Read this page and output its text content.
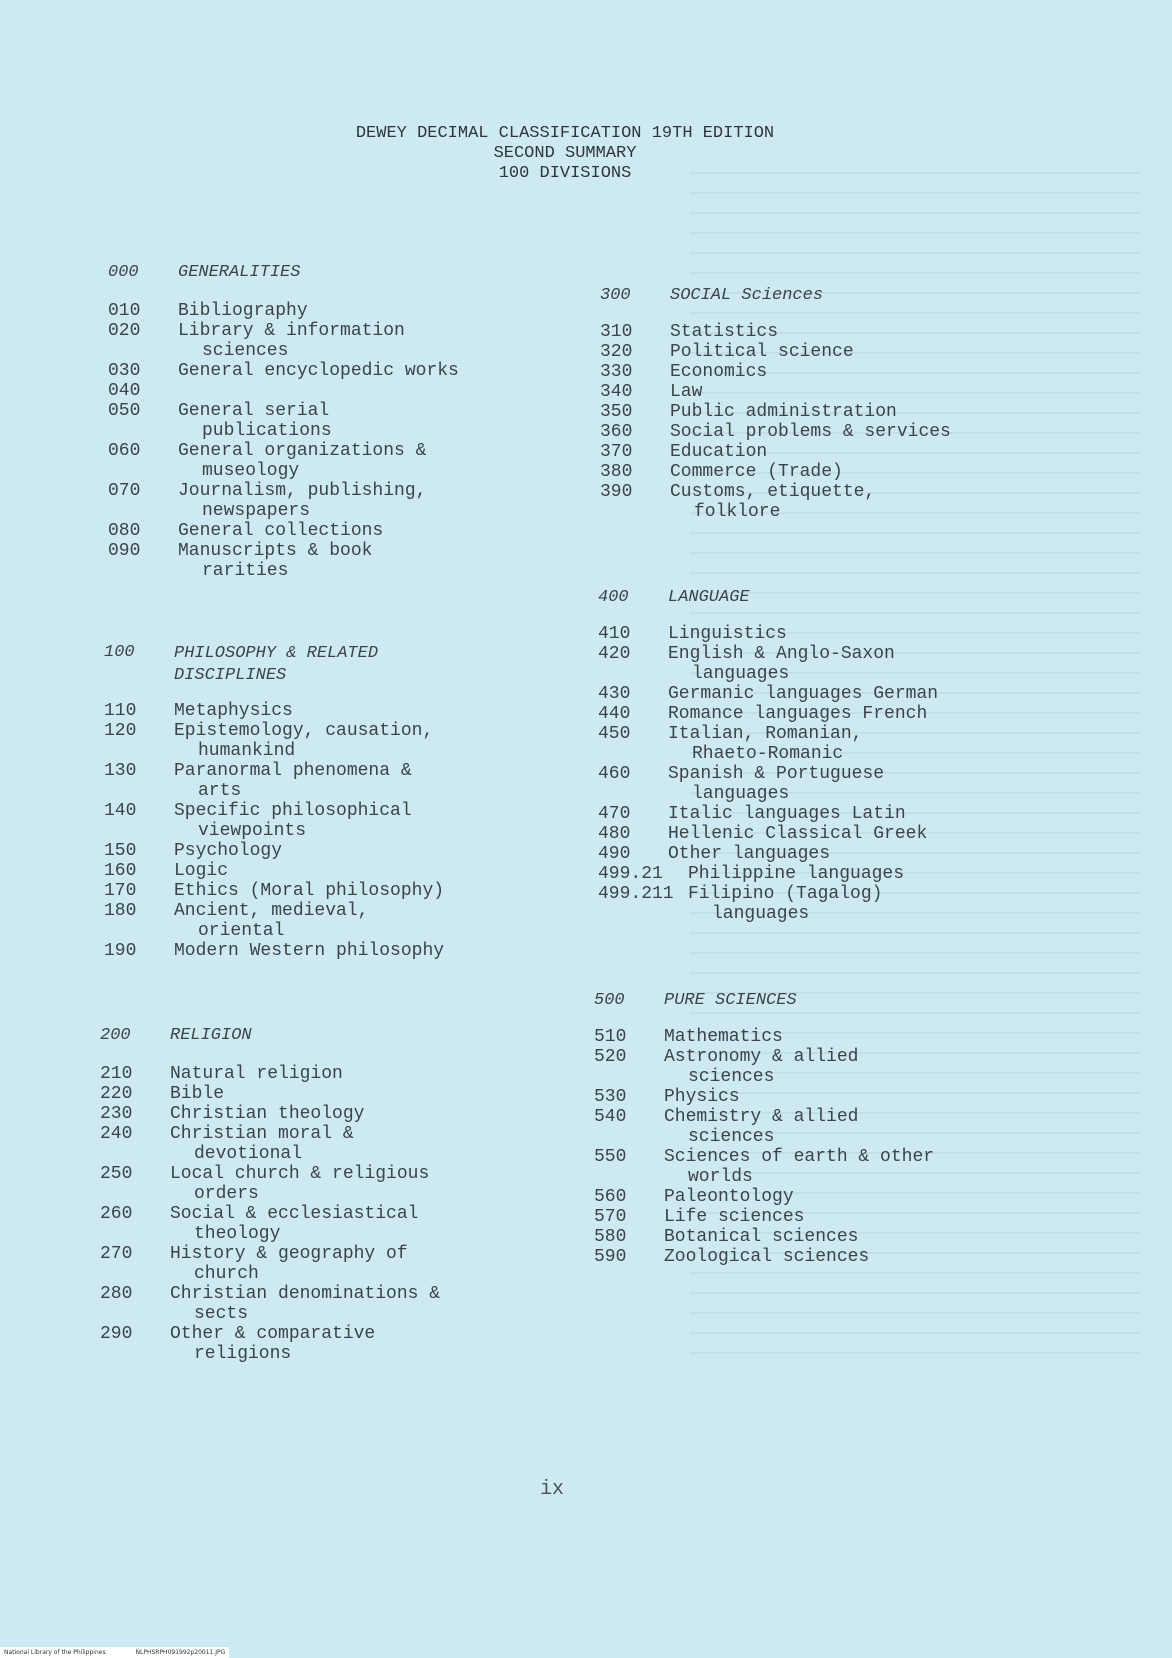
DEWEY DECIMAL CLASSIFICATION 19TH EDITION
SECOND SUMMARY
100 DIVISIONS
000 GENERALITIES
010 Bibliography
020 Library & information
sciences
030 General encyclopedic works
040

050 General serial
publications
060 General organizations &
museology
070 Journalism, publishing,
newspapers
080 General collections
090 Manuscripts & book
rarities
100 PHILOSOPHY & RELATED DISCIPLINES
110 Metaphysics
120 Epistemology, causation,
humankind
130 Paranormal phenomena &
arts
140 Specific philosophical
viewpoints
150 Psychology
160 Logic
170 Ethics (Moral philosophy)
180 Ancient, medieval,
oriental
190 Modern Western philosophy
200 RELIGION
210 Natural religion
220 Bible
230 Christian theology
240 Christian moral &
devotional
250 Local church & religious
orders
260 Social & ecclesiastical
theology
270 History & geography of
church
280 Christian denominations &
sects
290 Other & comparative
religions
300 SOCIAL Sciences
310 Statistics
320 Political science
330 Economics
340 Law
350 Public administration
360 Social problems & services
370 Education
380 Commerce (Trade)
390 Customs, etiquette,
folklore
400 LANGUAGE
410 Linguistics
420 English & Anglo-Saxon
languages
430 Germanic languages German
440 Romance languages French
450 Italian, Romanian,
Rhaeto-Romanic
460 Spanish & Portuguese
languages
470 Italic languages Latin
480 Hellenic Classical Greek
490 Other languages
499.21 Philippine languages
499.211 Filipino (Tagalog)
languages
500 PURE SCIENCES
510 Mathematics
520 Astronomy & allied
sciences
530 Physics
540 Chemistry & allied
sciences
550 Sciences of earth & other
worlds
560 Paleontology
570 Life sciences
580 Botanical sciences
590 Zoological sciences
ix
National Library of the Philippines	NLPHSRPH091992p20011.JPG
